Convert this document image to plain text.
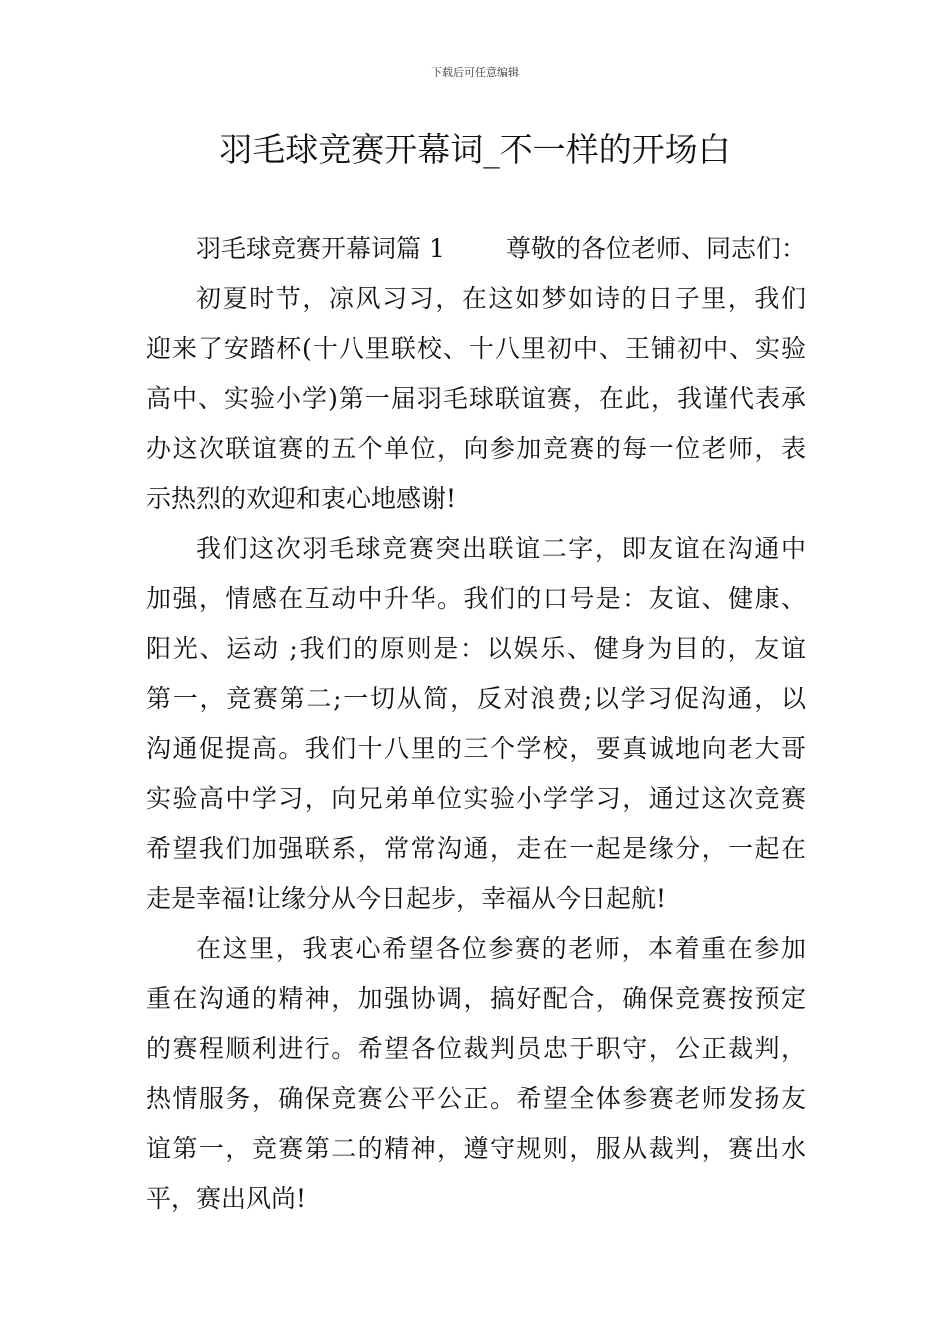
下载后可任意编辑
羽毛球竞赛开幕词_不一样的开场白
羽毛球竞赛开幕词篇 1 尊敬的各位老师、同志们：
初夏时节，凉风习习，在这如梦如诗的日子里，我们
迎来了安踏杯(十八里联校、十八里初中、王铺初中、实验
高中、实验小学)第一届羽毛球联谊赛，在此，我谨代表承
办这次联谊赛的五个单位，向参加竞赛的每一位老师，表
示热烈的欢迎和衷心地感谢!
我们这次羽毛球竞赛突出联谊二字，即友谊在沟通中
加强，情感在互动中升华。我们的口号是：友谊、健康、
阳光、运动 ;我们的原则是：以娱乐、健身为目的，友谊
第一，竞赛第二;一切从简，反对浪费;以学习促沟通，以
沟通促提高。我们十八里的三个学校，要真诚地向老大哥
实验高中学习，向兄弟单位实验小学学习，通过这次竞赛
希望我们加强联系，常常沟通，走在一起是缘分，一起在
走是幸福!让缘分从今日起步，幸福从今日起航!
在这里，我衷心希望各位参赛的老师，本着重在参加
重在沟通的精神，加强协调，搞好配合，确保竞赛按预定
的赛程顺利进行。希望各位裁判员忠于职守，公正裁判，
热情服务，确保竞赛公平公正。希望全体参赛老师发扬友
谊第一，竞赛第二的精神，遵守规则，服从裁判，赛出水
平，赛出风尚!
